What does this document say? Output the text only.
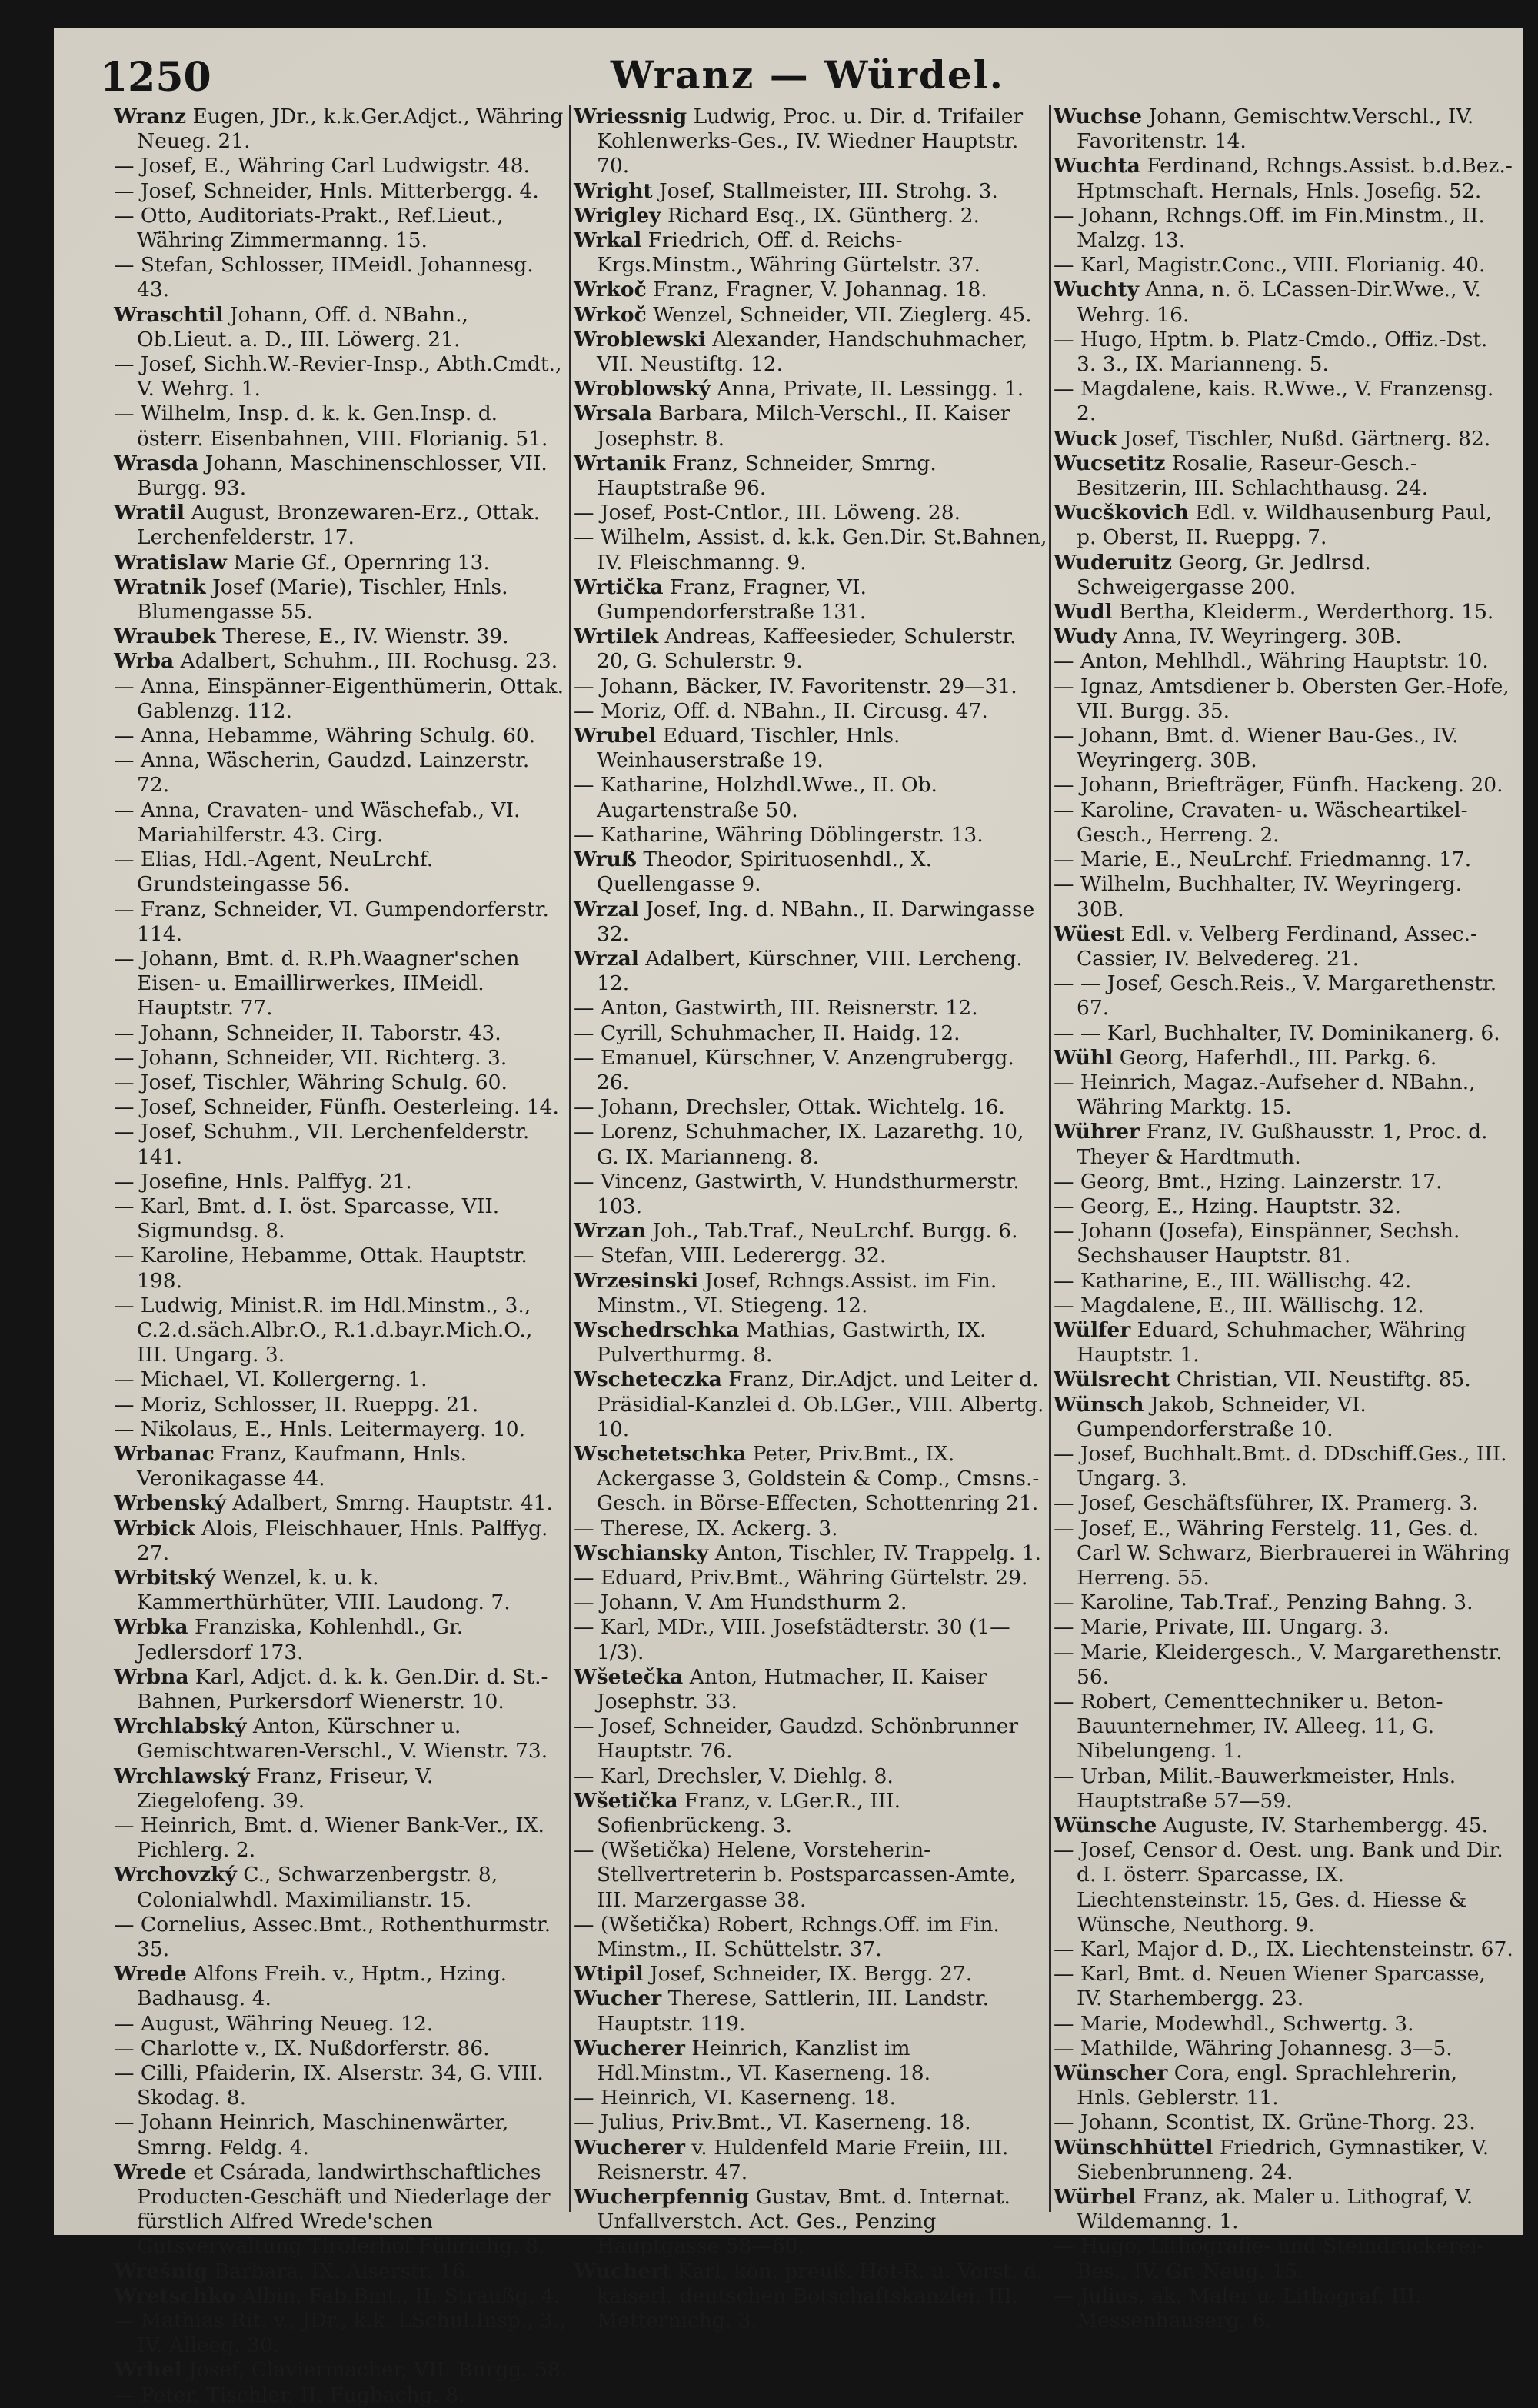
1250	Wranz — Würdel.
Wranz Eugen, JDr., k.k.Ger.Adjct., Währing Neueg. 21.
— Josef, E., Währing Carl Ludwigstr. 48.
— Josef, Schneider, Hnls. Mitterbergg. 4.
— Otto, Auditoriats-Prakt., Ref.Lieut., Währing Zimmermanng. 15.
— Stefan, Schlosser, IIMeidl. Johannesg. 43.
Wraschtil Johann, Off. d. NBahn., Ob.Lieut. a. D., III. Löwerg. 21.
— Josef, Sichh.W.-Revier-Insp., Abth.Cmdt., V. Wehrg. 1.
— Wilhelm, Insp. d. k. k. Gen.Insp. d. österr. Eisenbahnen, VIII. Florianig. 51.
Wrasda Johann, Maschinenschlosser, VII. Burgg. 93.
Wratil August, Bronzewaren-Erz., Ottak. Lerchenfelderstr. 17.
Wratislaw Marie Gf., Opernring 13.
Wratnik Josef (Marie), Tischler, Hnls. Blumengasse 55.
Wraubek Therese, E., IV. Wienstr. 39.
Wrba Adalbert, Schuhm., III. Rochusg. 23.
— Anna, Einspänner-Eigenthümerin, Ottak. Gablenzg. 112.
— Anna, Hebamme, Währing Schulg. 60.
— Anna, Wäscherin, Gaudzd. Lainzerstr. 72.
— Anna, Cravaten- und Wäschefab., VI. Mariahilferstr. 43. Cirg.
— Elias, Hdl.-Agent, NeuLrchf. Grundsteingasse 56.
— Franz, Schneider, VI. Gumpendorferstr. 114.
— Johann, Bmt. d. R.Ph.Waagner'schen Eisen- u. Emaillirwerkes, IIMeidl. Hauptstr. 77.
— Johann, Schneider, II. Taborstr. 43.
— Johann, Schneider, VII. Richterg. 3.
— Josef, Tischler, Währing Schulg. 60.
— Josef, Schneider, Fünfh. Oesterleing. 14.
— Josef, Schuhm., VII. Lerchenfelderstr. 141.
— Josefine, Hnls. Palffyg. 21.
— Karl, Bmt. d. I. öst. Sparcasse, VII. Sigmundsg. 8.
— Karoline, Hebamme, Ottak. Hauptstr. 198.
— Ludwig, Minist.R. im Hdl.Minstm., 3., C.2.d.säch.Albr.O., R.1.d.bayr.Mich.O., III. Ungarg. 3.
— Michael, VI. Kollergerng. 1.
— Moriz, Schlosser, II. Rueppg. 21.
— Nikolaus, E., Hnls. Leitermayerg. 10.
Wrbanac Franz, Kaufmann, Hnls. Veronikagasse 44.
Wrbenský Adalbert, Smrng. Hauptstr. 41.
Wrbick Alois, Fleischhauer, Hnls. Palffyg. 27.
Wrbitský Wenzel, k. u. k. Kammerthürhüter, VIII. Laudong. 7.
Wrbka Franziska, Kohlenhdl., Gr. Jedlersdorf 173.
Wrbna Karl, Adjct. d. k. k. Gen.Dir. d. St.-Bahnen, Purkersdorf Wienerstr. 10.
Wrchlabský Anton, Kürschner u. Gemischtwaren-Verschl., V. Wienstr. 73.
Wrchlawský Franz, Friseur, V. Ziegelofeng. 39.
— Heinrich, Bmt. d. Wiener Bank-Ver., IX. Pichlerg. 2.
Wrchovzký C., Schwarzenbergstr. 8, Colonialwhdl. Maximilianstr. 15.
— Cornelius, Assec.Bmt., Rothenthurmstr. 35.
Wrede Alfons Freih. v., Hptm., Hzing. Badhausg. 4.
— August, Währing Neueg. 12.
— Charlotte v., IX. Nußdorferstr. 86.
— Cilli, Pfaiderin, IX. Alserstr. 34, G. VIII. Skodag. 8.
— Johann Heinrich, Maschinenwärter, Smrng. Feldg. 4.
Wrede et Csárada, landwirthschaftliches Producten-Geschäft und Niederlage der fürstlich Alfred Wrede'schen Gutsverwaltung Tirolerhof Führichg. 8.
Wrešnig Barbara, IX. Alserstr. 16.
Wretschko Albin, Fab.Bmt., II. Straußg. 4.
— Mathias Rit. v., JDr., k.k. LSchul.Insp., 3., IV. Alleeg. 30.
Wrhel Josef, Claviermacher, VII. Burgg. 58.
— Peter, Tischler, II. Fugbachg. 8.
Wriessnig Ludwig, Proc. u. Dir. d. Trifailer Kohlenwerks-Ges., IV. Wiedner Hauptstr. 70.
Wright Josef, Stallmeister, III. Strohg. 3.
Wrigley Richard Esq., IX. Güntherg. 2.
Wrkal Friedrich, Off. d. Reichs-Krgs.Minstm., Währing Gürtelstr. 37.
Wrkoč Franz, Fragner, V. Johannag. 18.
Wrkoč Wenzel, Schneider, VII. Zieglerg. 45.
Wroblewski Alexander, Handschuhmacher, VII. Neustiftg. 12.
Wroblowský Anna, Private, II. Lessingg. 1.
Wrsala Barbara, Milch-Verschl., II. Kaiser Josephstr. 8.
Wrtanik Franz, Schneider, Smrng. Hauptstraße 96.
— Josef, Post-Cntlor., III. Löweng. 28.
— Wilhelm, Assist. d. k.k. Gen.Dir. St.Bahnen, IV. Fleischmanng. 9.
Wrtička Franz, Fragner, VI. Gumpendorferstraße 131.
Wrtilek Andreas, Kaffeesieder, Schulerstr. 20, G. Schulerstr. 9.
— Johann, Bäcker, IV. Favoritenstr. 29—31.
— Moriz, Off. d. NBahn., II. Circusg. 47.
Wrubel Eduard, Tischler, Hnls. Weinhauserstraße 19.
— Katharine, Holzhdl.Wwe., II. Ob. Augartenstraße 50.
— Katharine, Währing Döblingerstr. 13.
Wruß Theodor, Spirituosenhdl., X. Quellengasse 9.
Wrzal Josef, Ing. d. NBahn., II. Darwingasse 32.
Wrzal Adalbert, Kürschner, VIII. Lercheng. 12.
— Anton, Gastwirth, III. Reisnerstr. 12.
— Cyrill, Schuhmacher, II. Haidg. 12.
— Emanuel, Kürschner, V. Anzengrubergg. 26.
— Johann, Drechsler, Ottak. Wichtelg. 16.
— Lorenz, Schuhmacher, IX. Lazarethg. 10, G. IX. Marianneng. 8.
— Vincenz, Gastwirth, V. Hundsthurmerstr. 103.
Wrzan Joh., Tab.Traf., NeuLrchf. Burgg. 6.
— Stefan, VIII. Lederergg. 32.
Wrzesinski Josef, Rchngs.Assist. im Fin. Minstm., VI. Stiegeng. 12.
Wschedrschka Mathias, Gastwirth, IX. Pulverthurmg. 8.
Wscheteczka Franz, Dir.Adjct. und Leiter d. Präsidial-Kanzlei d. Ob.LGer., VIII. Albertg. 10.
Wschetetschka Peter, Priv.Bmt., IX. Ackergasse 3, Goldstein & Comp., Cmsns.-Gesch. in Börse-Effecten, Schottenring 21.
— Therese, IX. Ackerg. 3.
Wschiansky Anton, Tischler, IV. Trappelg. 1.
— Eduard, Priv.Bmt., Währing Gürtelstr. 29.
— Johann, V. Am Hundsthurm 2.
— Karl, MDr., VIII. Josefstädterstr. 30 (1—1/3).
Wšetečka Anton, Hutmacher, II. Kaiser Josephstr. 33.
— Josef, Schneider, Gaudzd. Schönbrunner Hauptstr. 76.
— Karl, Drechsler, V. Diehlg. 8.
Wšetička Franz, v. LGer.R., III. Sofienbrückeng. 3.
— (Wšetička) Helene, Vorsteherin-Stellvertreterin b. Postsparcassen-Amte, III. Marzergasse 38.
— (Wšetička) Robert, Rchngs.Off. im Fin. Minstm., II. Schüttelstr. 37.
Wtipil Josef, Schneider, IX. Bergg. 27.
Wucher Therese, Sattlerin, III. Landstr. Hauptstr. 119.
Wucherer Heinrich, Kanzlist im Hdl.Minstm., VI. Kaserneng. 18.
— Heinrich, VI. Kaserneng. 18.
— Julius, Priv.Bmt., VI. Kaserneng. 18.
Wucherer v. Huldenfeld Marie Freiin, III. Reisnerstr. 47.
Wucherpfennig Gustav, Bmt. d. Internat. Unfallverstch. Act. Ges., Penzing Hauptgasse 58—60.
Wuchert Karl, kön. preuß. Hof-R. u. Vorst. d. kaiserl. deutschen Botschaftskanzlei, III. Metternichg. 3.
Wuchse Johann, Gemischtw.Verschl., IV. Favoritenstr. 14.
Wuchta Ferdinand, Rchngs.Assist. b.d.Bez.-Hptmschaft. Hernals, Hnls. Josefig. 52.
— Johann, Rchngs.Off. im Fin.Minstm., II. Malzg. 13.
— Karl, Magistr.Conc., VIII. Florianig. 40.
Wuchty Anna, n. ö. LCassen-Dir.Wwe., V. Wehrg. 16.
— Hugo, Hptm. b. Platz-Cmdo., Offiz.-Dst. 3. 3., IX. Marianneng. 5.
— Magdalene, kais. R.Wwe., V. Franzensg. 2.
Wuck Josef, Tischler, Nußd. Gärtnerg. 82.
Wucsetitz Rosalie, Raseur-Gesch.-Besitzerin, III. Schlachthausg. 24.
Wucškovich Edl. v. Wildhausenburg Paul, p. Oberst, II. Rueppg. 7.
Wuderuitz Georg, Gr. Jedlrsd. Schweigergasse 200.
Wudl Bertha, Kleiderm., Werderthorg. 15.
Wudy Anna, IV. Weyringerg. 30B.
— Anton, Mehlhdl., Währing Hauptstr. 10.
— Ignaz, Amtsdiener b. Obersten Ger.-Hofe, VII. Burgg. 35.
— Johann, Bmt. d. Wiener Bau-Ges., IV. Weyringerg. 30B.
— Johann, Briefträger, Fünfh. Hackeng. 20.
— Karoline, Cravaten- u. Wäscheartikel-Gesch., Herreng. 2.
— Marie, E., NeuLrchf. Friedmanng. 17.
— Wilhelm, Buchhalter, IV. Weyringerg. 30B.
Wüest Edl. v. Velberg Ferdinand, Assec.-Cassier, IV. Belvedereg. 21.
— — Josef, Gesch.Reis., V. Margarethenstr. 67.
— — Karl, Buchhalter, IV. Dominikanerg. 6.
Wühl Georg, Haferhdl., III. Parkg. 6.
— Heinrich, Magaz.-Aufseher d. NBahn., Währing Marktg. 15.
Wührer Franz, IV. Gußhausstr. 1, Proc. d. Theyer & Hardtmuth.
— Georg, Bmt., Hzing. Lainzerstr. 17.
— Georg, E., Hzing. Hauptstr. 32.
— Johann (Josefa), Einspänner, Sechsh. Sechshauser Hauptstr. 81.
— Katharine, E., III. Wällischg. 42.
— Magdalene, E., III. Wällischg. 12.
Wülfer Eduard, Schuhmacher, Währing Hauptstr. 1.
Wülsrecht Christian, VII. Neustiftg. 85.
Wünsch Jakob, Schneider, VI. Gumpendorferstraße 10.
— Josef, Buchhalt.Bmt. d. DDschiff.Ges., III. Ungarg. 3.
— Josef, Geschäftsführer, IX. Pramerg. 3.
— Josef, E., Währing Ferstelg. 11, Ges. d. Carl W. Schwarz, Bierbrauerei in Währing Herreng. 55.
— Karoline, Tab.Traf., Penzing Bahng. 3.
— Marie, Private, III. Ungarg. 3.
— Marie, Kleidergesch., V. Margarethenstr. 56.
— Robert, Cementtechniker u. Beton-Bauunternehmer, IV. Alleeg. 11, G. Nibelungeng. 1.
— Urban, Milit.-Bauwerkmeister, Hnls. Hauptstraße 57—59.
Wünsche Auguste, IV. Starhembergg. 45.
— Josef, Censor d. Oest. ung. Bank und Dir. d. I. österr. Sparcasse, IX. Liechtensteinstr. 15, Ges. d. Hiesse & Wünsche, Neuthorg. 9.
— Karl, Major d. D., IX. Liechtensteinstr. 67.
— Karl, Bmt. d. Neuen Wiener Sparcasse, IV. Starhembergg. 23.
— Marie, Modewhdl., Schwertg. 3.
— Mathilde, Währing Johannesg. 3—5.
Wünscher Cora, engl. Sprachlehrerin, Hnls. Geblerstr. 11.
— Johann, Scontist, IX. Grüne-Thorg. 23.
Wünschhüttel Friedrich, Gymnastiker, V. Siebenbrunneng. 24.
Würbel Franz, ak. Maler u. Lithograf, V. Wildemanng. 1.
— Hugo, Lithografie- und Steindruckerei-Bes., IV. Gr. Neug. 15.
— Julius, ak. Maler u. Lithograf, III. Messenhauserg. 6.
